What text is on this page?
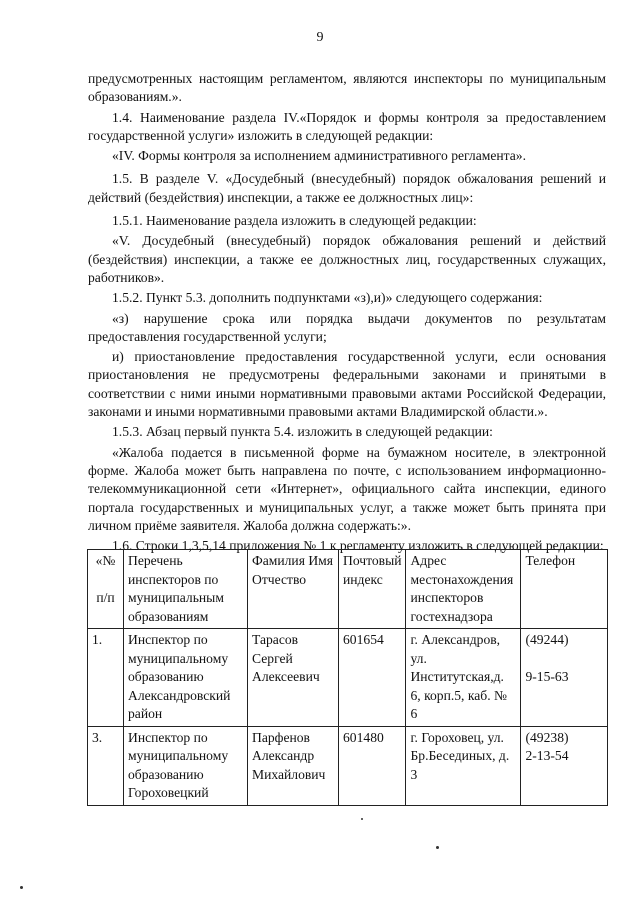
9

предусмотренных настоящим регламентом, являются инспекторы по муниципальным образованиям.».

1.4. Наименование раздела IV.«Порядок и формы контроля за предоставлением государственной услуги» изложить в следующей редакции:

«IV. Формы контроля за исполнением административного регламента».

1.5. В разделе V. «Досудебный (внесудебный) порядок обжалования решений и действий (бездействия) инспекции, а также ее должностных лиц»:

1.5.1. Наименование раздела изложить в следующей редакции:

«V. Досудебный (внесудебный) порядок обжалования решений и действий (бездействия) инспекции, а также ее должностных лиц, государственных служащих, работников».

1.5.2. Пункт 5.3. дополнить подпунктами «з),и)» следующего содержания:

«з) нарушение срока или порядка выдачи документов по результатам предоставления государственной услуги;

и) приостановление предоставления государственной услуги, если основания приостановления не предусмотрены федеральными законами и принятыми в соответствии с ними иными нормативными правовыми актами Российской Федерации, законами и иными нормативными правовыми актами Владимирской области.».

1.5.3. Абзац первый пункта 5.4. изложить в следующей редакции:

«Жалоба подается в письменной форме на бумажном носителе, в электронной форме. Жалоба может быть направлена по почте, с использованием информационно-телекоммуникационной сети «Интернет», официального сайта инспекции, единого портала государственных и муниципальных услуг, а также может быть принята при личном приёме заявителя. Жалоба должна содержать:».

1.6. Строки 1,3,5,14 приложения № 1 к регламенту изложить в следующей редакции:

«№
п/п	Перечень инспекторов по муниципальным образованиям	Фамилия Имя Отчество	Почтовый индекс	Адрес местонахождения инспекторов гостехнадзора	Телефон
1.	Инспектор по муниципальному образованию Александровский район	Тарасов Сергей Алексеевич	601654	г. Александров, ул. Институтская,д. 6, корп.5, каб. № 6	(49244)
9-15-63

3.	Инспектор по муниципальному образованию Гороховецкий	Парфенов Александр Михайлович	601480	г. Гороховец, ул. Бр.Бесединых, д. 3	(49238)
2-13-54
